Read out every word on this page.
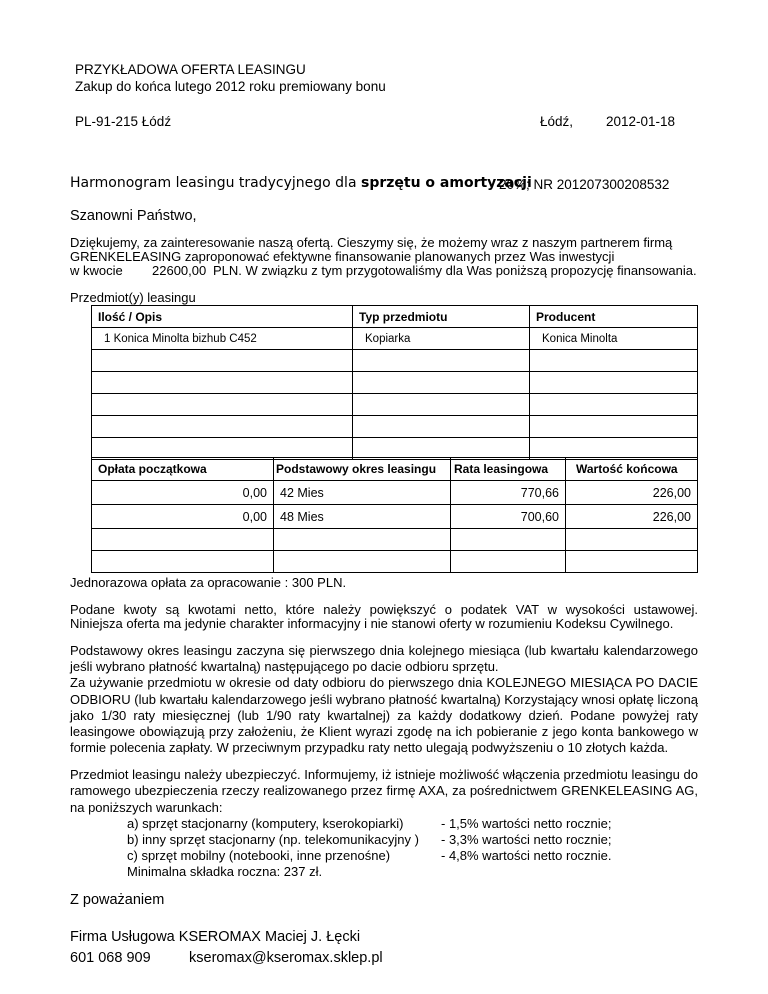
PRZYKŁADOWA OFERTA LEASINGU
Zakup do końca lutego 2012 roku premiowany bonu
PL-91-215 Łódź	Łódź, 2012-01-18
Harmonogram leasingu tradycyjnego dla sprzętu o amortyzacji
20%; NR 201207300208532
Szanowni Państwo,
Dziękujemy, za zainteresowanie naszą ofertą. Cieszymy się, że możemy wraz z naszym partnerem firmą
GRENKELEASING zaproponować efektywne finansowanie planowanych przez Was inwestycji
w kwocie 22600,00 PLN. W związku z tym przygotowaliśmy dla Was poniższą propozycję finansowania.
Przedmiot(y) leasingu
Ilość / Opis	Typ przedmiotu	Producent
1 Konica Minolta bizhub C452	Kopiarka	Konica Minolta

Opłata początkowa	Podstawowy okres leasingu	Rata leasingowa	Wartość końcowa
0,00	42 Mies	770,66	226,00
0,00	48 Mies	700,60	226,00

Jednorazowa opłata za opracowanie : 300 PLN.
Podane kwoty są kwotami netto, które należy powiększyć o podatek VAT w wysokości ustawowej.
Niniejsza oferta ma jedynie charakter informacyjny i nie stanowi oferty w rozumieniu Kodeksu Cywilnego.
Podstawowy okres leasingu zaczyna się pierwszego dnia kolejnego miesiąca (lub kwartału kalendarzowego
jeśli wybrano płatność kwartalną) następującego po dacie odbioru sprzętu.
Za używanie przedmiotu w okresie od daty odbioru do pierwszego dnia KOLEJNEGO MIESIĄCA PO DACIE
ODBIORU (lub kwartału kalendarzowego jeśli wybrano płatność kwartalną) Korzystający wnosi opłatę liczoną
jako 1/30 raty miesięcznej (lub 1/90 raty kwartalnej) za każdy dodatkowy dzień. Podane powyżej raty
leasingowe obowiązują przy założeniu, że Klient wyrazi zgodę na ich pobieranie z jego konta bankowego w
formie polecenia zapłaty. W przeciwnym przypadku raty netto ulegają podwyższeniu o 10 złotych każda.
Przedmiot leasingu należy ubezpieczyć. Informujemy, iż istnieje możliwość włączenia przedmiotu leasingu do
ramowego ubezpieczenia rzeczy realizowanego przez firmę AXA, za pośrednictwem GRENKELEASING AG,
na poniższych warunkach:
a) sprzęt stacjonarny (komputery, kserokopiarki)	- 1,5% wartości netto rocznie;
b) inny sprzęt stacjonarny (np. telekomunikacyjny ) - 3,3% wartości netto rocznie;
c) sprzęt mobilny (notebooki, inne przenośne)	- 4,8% wartości netto rocznie.
Minimalna składka roczna: 237 zł.
Z poważaniem
Firma Usługowa KSEROMAX Maciej J. Łęcki
601 068 909	kseromax@kseromax.sklep.pl
